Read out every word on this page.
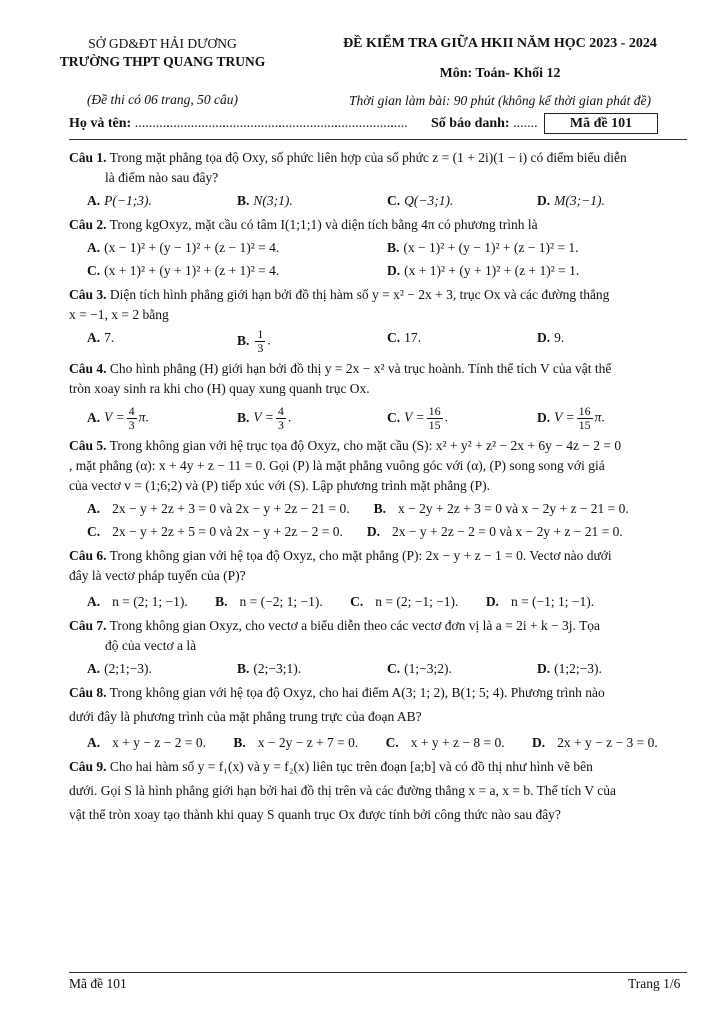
SỞ GD&ĐT HẢI DƯƠNG
TRƯỜNG THPT QUANG TRUNG
(Đề thi có 06 trang, 50 câu)
ĐỀ KIỂM TRA GIỮA HKII NĂM HỌC 2023 - 2024
Môn: Toán- Khối 12
Thời gian làm bài: 90 phút (không kể thời gian phát đề)
Họ và tên: .............................................................................. Số báo danh: .......	Mã đề 101
Câu 1. Trong mặt phẳng tọa độ Oxy, số phức liên hợp của số phức z = (1 + 2i)(1 − i) có điểm biểu diễn
là điểm nào sau đây?
A. P(−1;3).	B. N(3;1).	C. Q(−3;1).	D. M(3;−1).
Câu 2. Trong kgOxyz, mặt cầu có tâm I(1;1;1) và diện tích bằng 4π có phương trình là
A. (x − 1)² + (y − 1)² + (z − 1)² = 4.	B. (x − 1)² + (y − 1)² + (z − 1)² = 1.
C. (x + 1)² + (y + 1)² + (z + 1)² = 4.	D. (x + 1)² + (y + 1)² + (z + 1)² = 1.
Câu 3. Diện tích hình phẳng giới hạn bởi đồ thị hàm số y = x² − 2x + 3, trục Ox và các đường thẳng
x = −1, x = 2 bằng
A. 7.	B. $\frac{1}{3}$ .	C. 17.	D. 9.
Câu 4. Cho hình phẳng (H) giới hạn bởi đồ thị y = 2x − x² và trục hoành. Tính thể tích V của vật thể
tròn xoay sinh ra khi cho (H) quay xung quanh trục Ox.
A. $V = \frac{4}{3} \pi$.	B. $V = \frac{4}{3}$ .	C. $V = \frac{16}{15}$ .	D. $V = \frac{16}{15} \pi$.
Câu 5. Trong không gian với hệ trục tọa độ Oxyz, cho mặt cầu (S): x² + y² + z² − 2x + 6y − 4z − 2 = 0
, mặt phẳng (α): x + 4y + z − 11 = 0. Gọi (P) là mặt phẳng vuông góc với (α), (P) song song với giá
của vectơ v = (1;6;2) và (P) tiếp xúc với (S). Lập phương trình mặt phẳng (P).
A. 2x − y + 2z + 3 = 0 và 2x − y + 2z − 21 = 0. B. x − 2y + 2z + 3 = 0 và x − 2y + z − 21 = 0.
C. 2x − y + 2z + 5 = 0 và 2x − y + 2z − 2 = 0. D. 2x − y + 2z − 2 = 0 và x − 2y + z − 21 = 0.
Câu 6. Trong không gian với hệ tọa độ Oxyz, cho mặt phẳng (P): 2x − y + z − 1 = 0. Vectơ nào dưới
đây là vectơ pháp tuyến của (P)?
A. n = (2; 1; −1). B. n = (−2; 1; −1). C. n = (2; −1; −1). D. n = (−1; 1; −1).
Câu 7. Trong không gian Oxyz, cho vectơ a biểu diễn theo các vectơ đơn vị là a = 2i + k − 3j. Tọa
độ của vectơ a là
A. (2;1;−3).	B. (2;−3;1).	C. (1;−3;2).	D. (1;2;−3).
Câu 8. Trong không gian với hệ tọa độ Oxyz, cho hai điểm A(3; 1; 2), B(1; 5; 4). Phương trình nào
dưới đây là phương trình của mặt phẳng trung trực của đoạn AB?
A. x + y − z − 2 = 0. B. x − 2y − z + 7 = 0. C. x + y + z − 8 = 0. D. 2x + y − z − 3 = 0.
Câu 9. Cho hai hàm số y = f₁(x) và y = f₂(x) liên tục trên đoạn [a;b] và có đồ thị như hình vẽ bên
dưới. Gọi S là hình phẳng giới hạn bởi hai đồ thị trên và các đường thẳng x = a, x = b. Thể tích V của
vật thể tròn xoay tạo thành khi quay S quanh trục Ox được tính bởi công thức nào sau đây?
Mã đề 101	Trang 1/6
